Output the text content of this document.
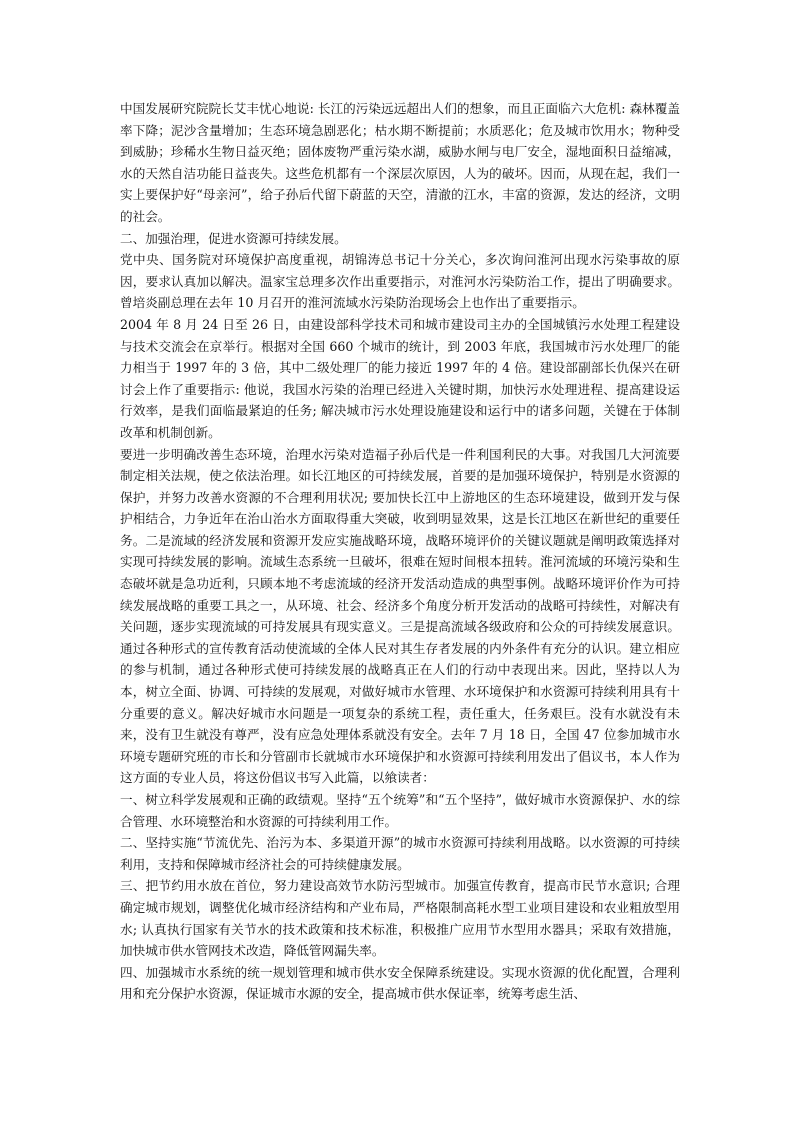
中国发展研究院院长艾丰忧心地说: 长江的污染远远超出人们的想象，而且正面临六大危机: 森林覆盖率下降；泥沙含量增加；生态环境急剧恶化；枯水期不断提前；水质恶化；危及城市饮用水；物种受到威胁；珍稀水生物日益灭绝；固体废物严重污染水湖，威胁水闸与电厂安全，湿地面积日益缩减，水的天然自洁功能日益丧失。这些危机都有一个深层次原因，人为的破坏。因而，从现在起，我们一实上要保护好“母亲河”，给子孙后代留下蔚蓝的天空，清澈的江水，丰富的资源，发达的经济，文明的社会。

二、加强治理，促进水资源可持续发展。

党中央、国务院对环境保护高度重视，胡锦涛总书记十分关心，多次询问淮河出现水污染事故的原因，要求认真加以解决。温家宝总理多次作出重要指示，对淮河水污染防治工作，提出了明确要求。曾培炎副总理在去年 10 月召开的淮河流域水污染防治现场会上也作出了重要指示。

2004 年 8 月 24 日至 26 日，由建设部科学技术司和城市建设司主办的全国城镇污水处理工程建设与技术交流会在京举行。根据对全国 660 个城市的统计，到 2003 年底，我国城市污水处理厂的能力相当于 1997 年的 3 倍，其中二级处理厂的能力接近 1997 年的 4 倍。建设部副部长仇保兴在研讨会上作了重要指示: 他说，我国水污染的治理已经进入关键时期，加快污水处理进程、提高建设运行效率，是我们面临最紧迫的任务; 解决城市污水处理设施建设和运行中的诸多问题，关键在于体制改革和机制创新。

要进一步明确改善生态环境，治理水污染对造福子孙后代是一件利国利民的大事。对我国几大河流要制定相关法规，使之依法治理。如长江地区的可持续发展，首要的是加强环境保护，特别是水资源的保护，并努力改善水资源的不合理利用状况; 要加快长江中上游地区的生态环境建设，做到开发与保护相结合，力争近年在治山治水方面取得重大突破，收到明显效果，这是长江地区在新世纪的重要任务。二是流域的经济发展和资源开发应实施战略环境，战略环境评价的关键议题就是阐明政策选择对实现可持续发展的影响。流域生态系统一旦破坏，很难在短时间根本扭转。淮河流域的环境污染和生态破坏就是急功近利，只顾本地不考虑流域的经济开发活动造成的典型事例。战略环境评价作为可持续发展战略的重要工具之一，从环境、社会、经济多个角度分析开发活动的战略可持续性，对解决有关问题，逐步实现流域的可持发展具有现实意义。三是提高流域各级政府和公众的可持续发展意识。通过各种形式的宣传教育活动使流域的全体人民对其生存者发展的内外条件有充分的认识。建立相应的参与机制，通过各种形式使可持续发展的战略真正在人们的行动中表现出来。因此，坚持以人为本，树立全面、协调、可持续的发展观，对做好城市水管理、水环境保护和水资源可持续利用具有十分重要的意义。解决好城市水问题是一项复杂的系统工程，责任重大，任务艰巨。没有水就没有未来，没有卫生就没有尊严，没有应急处理体系就没有安全。去年 7 月 18 日，全国 47 位参加城市水环境专题研究班的市长和分管副市长就城市水环境保护和水资源可持续利用发出了倡议书，本人作为这方面的专业人员，将这份倡议书写入此篇，以飨读者：

一、树立科学发展观和正确的政绩观。坚持“五个统筹”和“五个坚持”，做好城市水资源保护、水的综合管理、水环境整治和水资源的可持续利用工作。

二、坚持实施“节流优先、治污为本、多渠道开源”的城市水资源可持续利用战略。以水资源的可持续利用，支持和保障城市经济社会的可持续健康发展。

三、把节约用水放在首位，努力建设高效节水防污型城市。加强宣传教育，提高市民节水意识; 合理确定城市规划，调整优化城市经济结构和产业布局，严格限制高耗水型工业项目建设和农业粗放型用水; 认真执行国家有关节水的技术政策和技术标准，积极推广应用节水型用水器具；采取有效措施，加快城市供水管网技术改造，降低管网漏失率。

四、加强城市水系统的统一规划管理和城市供水安全保障系统建设。实现水资源的优化配置，合理利用和充分保护水资源，保证城市水源的安全，提高城市供水保证率，统筹考虑生活、
